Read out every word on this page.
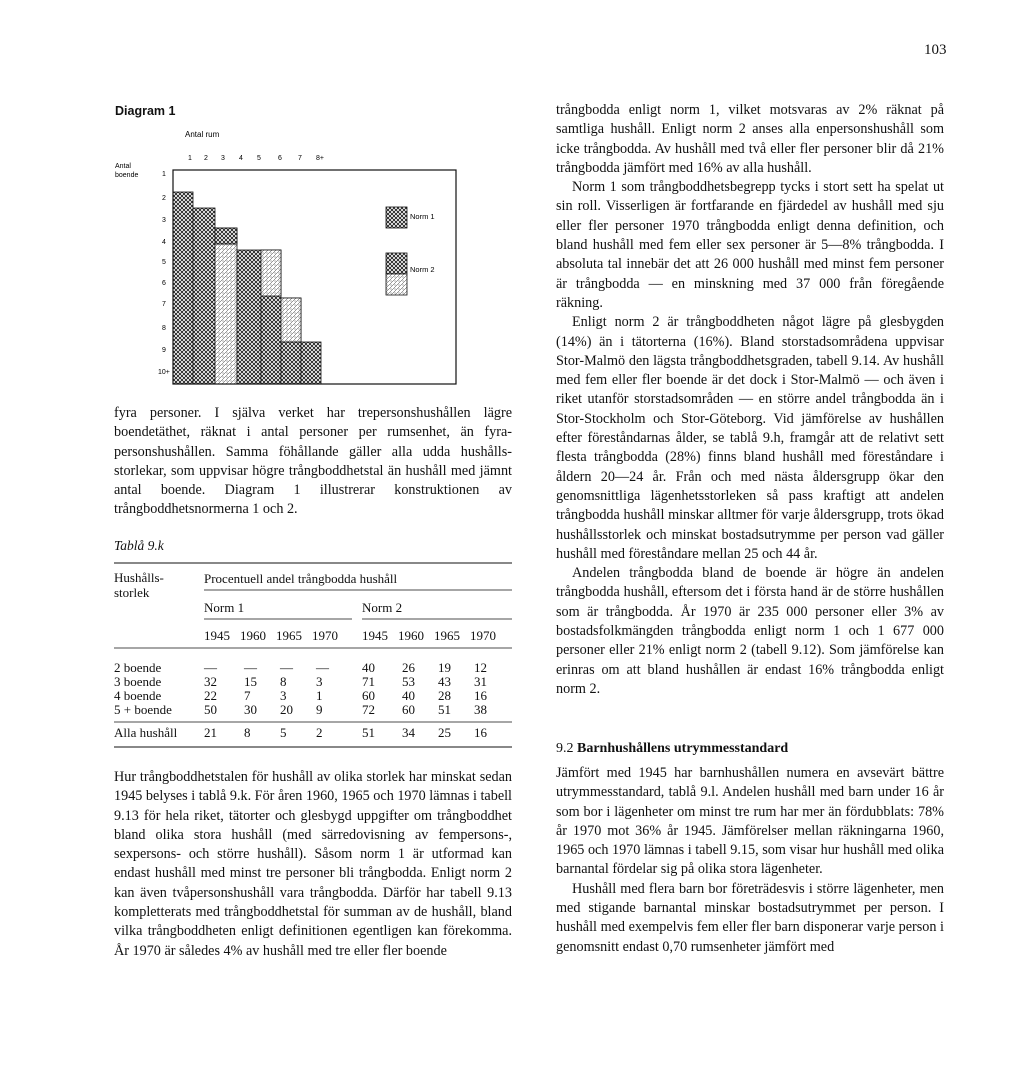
103
Diagram 1
Antal rum
Antal
boende
1 2 3 4 5 6 7 8+
1
2
3
4
5
6
7
8
9
10+
Norm 1
Norm 2

fyra personer. I själva verket har trepersonshushållen lägre boendetäthet, räknat i antal personer per rumsenhet, än fyrapersonshushållen. Samma föhållande gäller alla udda hushållsstorlekar, som uppvisar högre trångboddhetstal än hushåll med jämnt antal boende. Diagram 1 illustrerar konstruktionen av trångboddhetsnormerna 1 och 2.

Tablå 9.k
Hushålls-
storlek
Procentuell andel trångbodda hushåll
Norm 1	Norm 2
1945 1960 1965 1970 1945 1960 1965 1970
2 boende	— — — —	40 26 19 12
3 boende	32 15 8 3	71 53 43 31
4 boende	22 7 3 1	60 40 28 16
5 + boende 50 30 20 9	72 60 51 38
Alla hushåll 21 8 5 2	51 34 25 16

Hur trångboddhetstalen för hushåll av olika storlek har minskat sedan 1945 belyses i tablå 9.k. För åren 1960, 1965 och 1970 lämnas i tabell 9.13 för hela riket, tätorter och glesbygd uppgifter om trångboddhet bland olika stora hushåll (med särredovisning av fempersons-, sexpersons- och större hushåll). Såsom norm 1 är utformad kan endast hushåll med minst tre personer bli trångbodda. Enligt norm 2 kan även tvåpersonshushåll vara trångbodda. Därför har tabell 9.13 kompletterats med trångboddhetstal för summan av de hushåll, bland vilka trångboddheten enligt definitionen egentligen kan förekomma. År 1970 är således 4% av hushåll med tre eller fler boende

trångbodda enligt norm 1, vilket motsvaras av 2% räknat på samtliga hushåll. Enligt norm 2 anses alla enpersonshushåll som icke trångbodda. Av hushåll med två eller fler personer blir då 21% trångbodda jämfört med 16% av alla hushåll.

Norm 1 som trångboddhetsbegrepp tycks i stort sett ha spelat ut sin roll. Visserligen är fortfarande en fjärdedel av hushåll med sju eller fler personer 1970 trångbodda enligt denna definition, och bland hushåll med fem eller sex personer är 5—8% trångbodda. I absoluta tal innebär det att 26 000 hushåll med minst fem personer är trångbodda — en minskning med 37 000 från föregående räkning.

Enligt norm 2 är trångboddheten något lägre på glesbygden (14%) än i tätorterna (16%). Bland storstadsområdena uppvisar Stor-Malmö den lägsta trångboddhetsgraden, tabell 9.14. Av hushåll med fem eller fler boende är det dock i Stor-Malmö — och även i riket utanför storstadsområden — en större andel trångbodda än i Stor-Stockholm och Stor-Göteborg. Vid jämförelse av hushållen efter föreståndarnas ålder, se tablå 9.h, framgår att de relativt sett flesta trångbodda (28%) finns bland hushåll med föreståndare i åldern 20—24 år. Från och med nästa åldersgrupp ökar den genomsnittliga lägenhetsstorleken så pass kraftigt att andelen trångbodda hushåll minskar alltmer för varje åldersgrupp, trots ökad hushållsstorlek och minskat bostadsutrymme per person vad gäller hushåll med föreståndare mellan 25 och 44 år.

Andelen trångbodda bland de boende är högre än andelen trångbodda hushåll, eftersom det i första hand är de större hushållen som är trångbodda. År 1970 är 235 000 personer eller 3% av bostadsfolkmängden trångbodda enligt norm 1 och 1 677 000 personer eller 21% enligt norm 2 (tabell 9.12). Som jämförelse kan erinras om att bland hushållen är endast 16% trångbodda enligt norm 2.

9.2 Barnhushållens utrymmesstandard

Jämfört med 1945 har barnhushållen numera en avsevärt bättre utrymmesstandard, tablå 9.l. Andelen hushåll med barn under 16 år som bor i lägenheter om minst tre rum har mer än fördubblats: 78% år 1970 mot 36% år 1945. Jämförelser mellan räkningarna 1960, 1965 och 1970 lämnas i tabell 9.15, som visar hur hushåll med olika barnantal fördelar sig på olika stora lägenheter.

Hushåll med flera barn bor företrädesvis i större lägenheter, men med stigande barnantal minskar bostadsutrymmet per person. I hushåll med exempelvis fem eller fler barn disponerar varje person i genomsnitt endast 0,70 rumsenheter jämfört med
